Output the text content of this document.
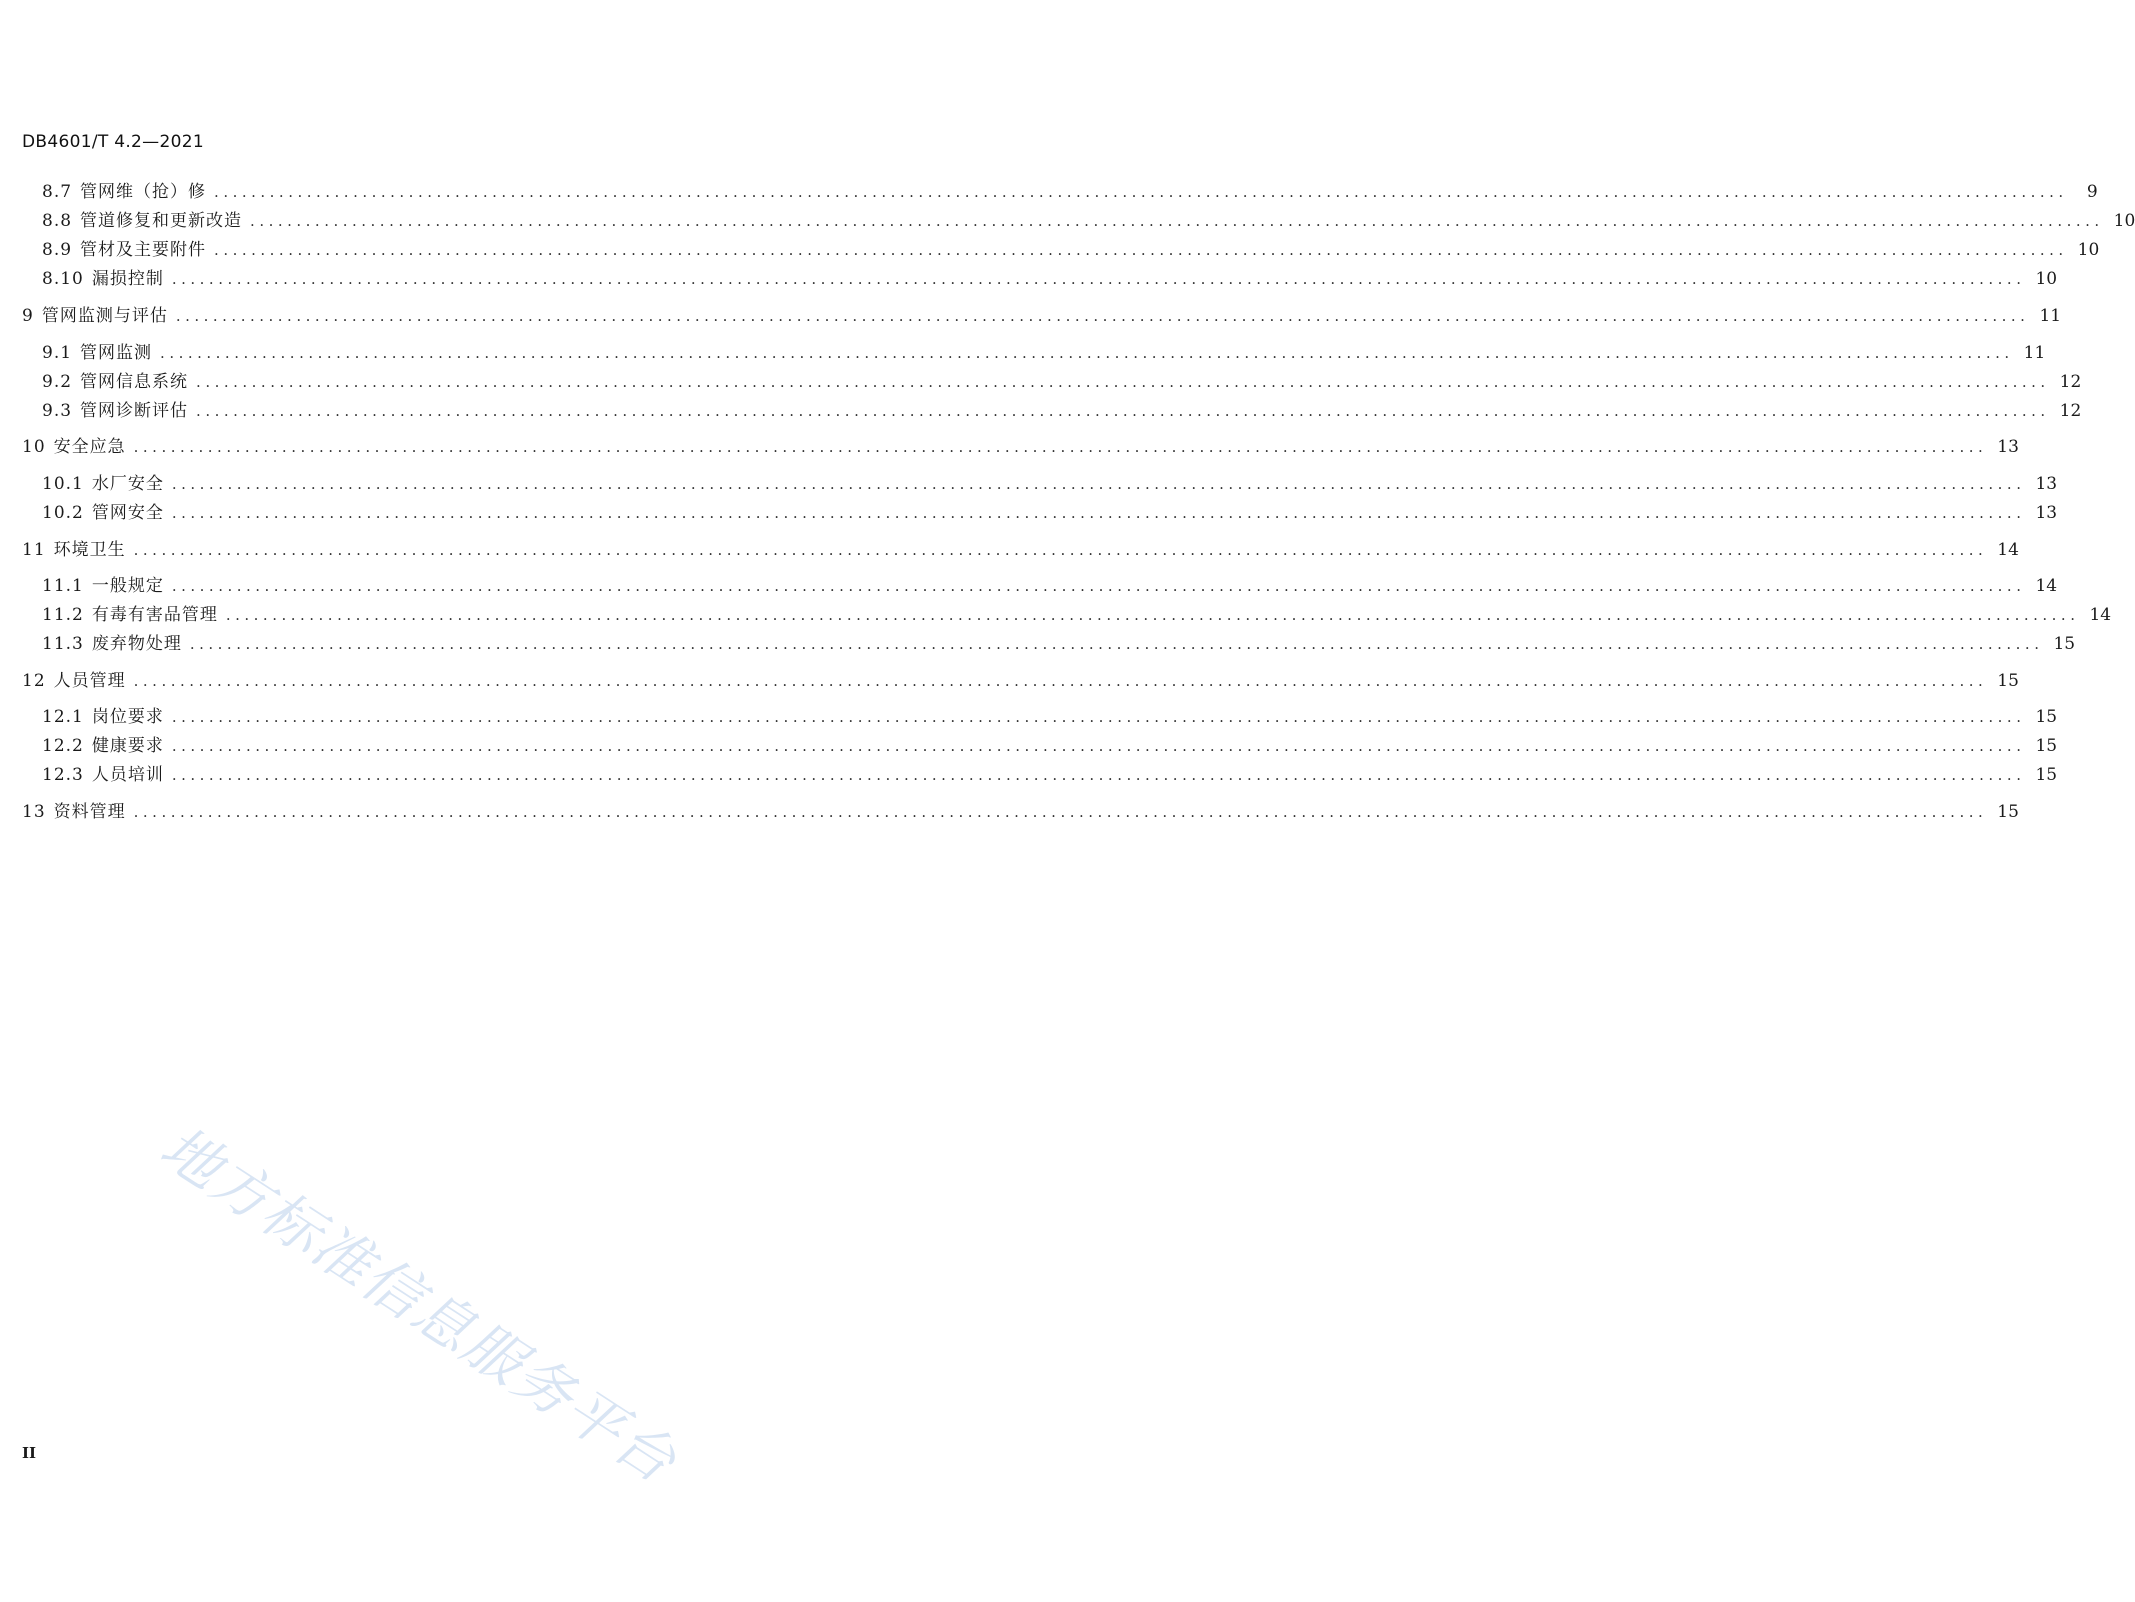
DB4601/T 4.2—2021
8.7 管网维（抢）修 ........................................................................................................................................................................................................	9
8.8 管道修复和更新改造 ........................................................................................................................................................................................................ 10
8.9 管材及主要附件 ........................................................................................................................................................................................................ 10
8.10 漏损控制 ........................................................................................................................................................................................................ 10
9 管网监测与评估 ........................................................................................................................................................................................................ 11
9.1 管网监测 ........................................................................................................................................................................................................ 11
9.2 管网信息系统 ........................................................................................................................................................................................................ 12
9.3 管网诊断评估 ........................................................................................................................................................................................................ 12
10 安全应急 ........................................................................................................................................................................................................ 13
10.1 水厂安全 ........................................................................................................................................................................................................ 13
10.2 管网安全 ........................................................................................................................................................................................................ 13
11 环境卫生 ........................................................................................................................................................................................................ 14
11.1 一般规定 ........................................................................................................................................................................................................ 14
11.2 有毒有害品管理 ........................................................................................................................................................................................................ 14
11.3 废弃物处理 ........................................................................................................................................................................................................ 15
12 人员管理 ........................................................................................................................................................................................................ 15
12.1 岗位要求 ........................................................................................................................................................................................................ 15
12.2 健康要求 ........................................................................................................................................................................................................ 15
12.3 人员培训 ........................................................................................................................................................................................................ 15
13 资料管理 ........................................................................................................................................................................................................ 15
地方标准信息服务平台
II
